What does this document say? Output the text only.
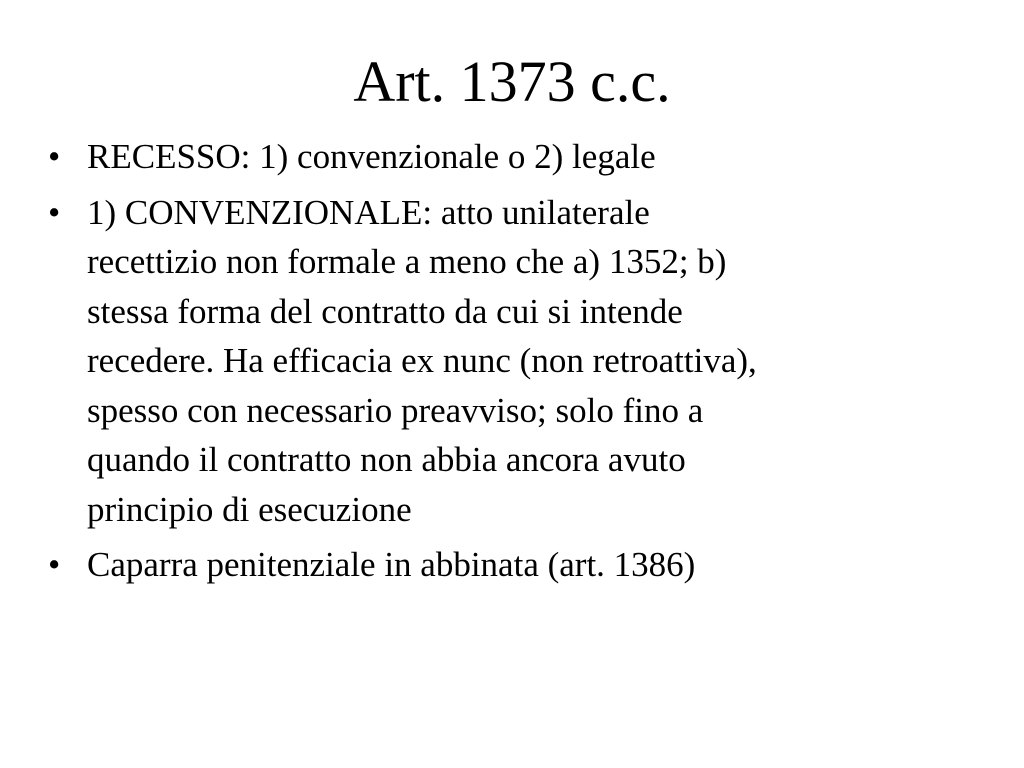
Art. 1373 c.c.
• RECESSO: 1) convenzionale o 2) legale
• 1) CONVENZIONALE: atto unilaterale
recettizio non formale a meno che a) 1352; b)
stessa forma del contratto da cui si intende
recedere. Ha efficacia ex nunc (non retroattiva),
spesso con necessario preavviso; solo fino a
quando il contratto non abbia ancora avuto
principio di esecuzione
• Caparra penitenziale in abbinata (art. 1386)
